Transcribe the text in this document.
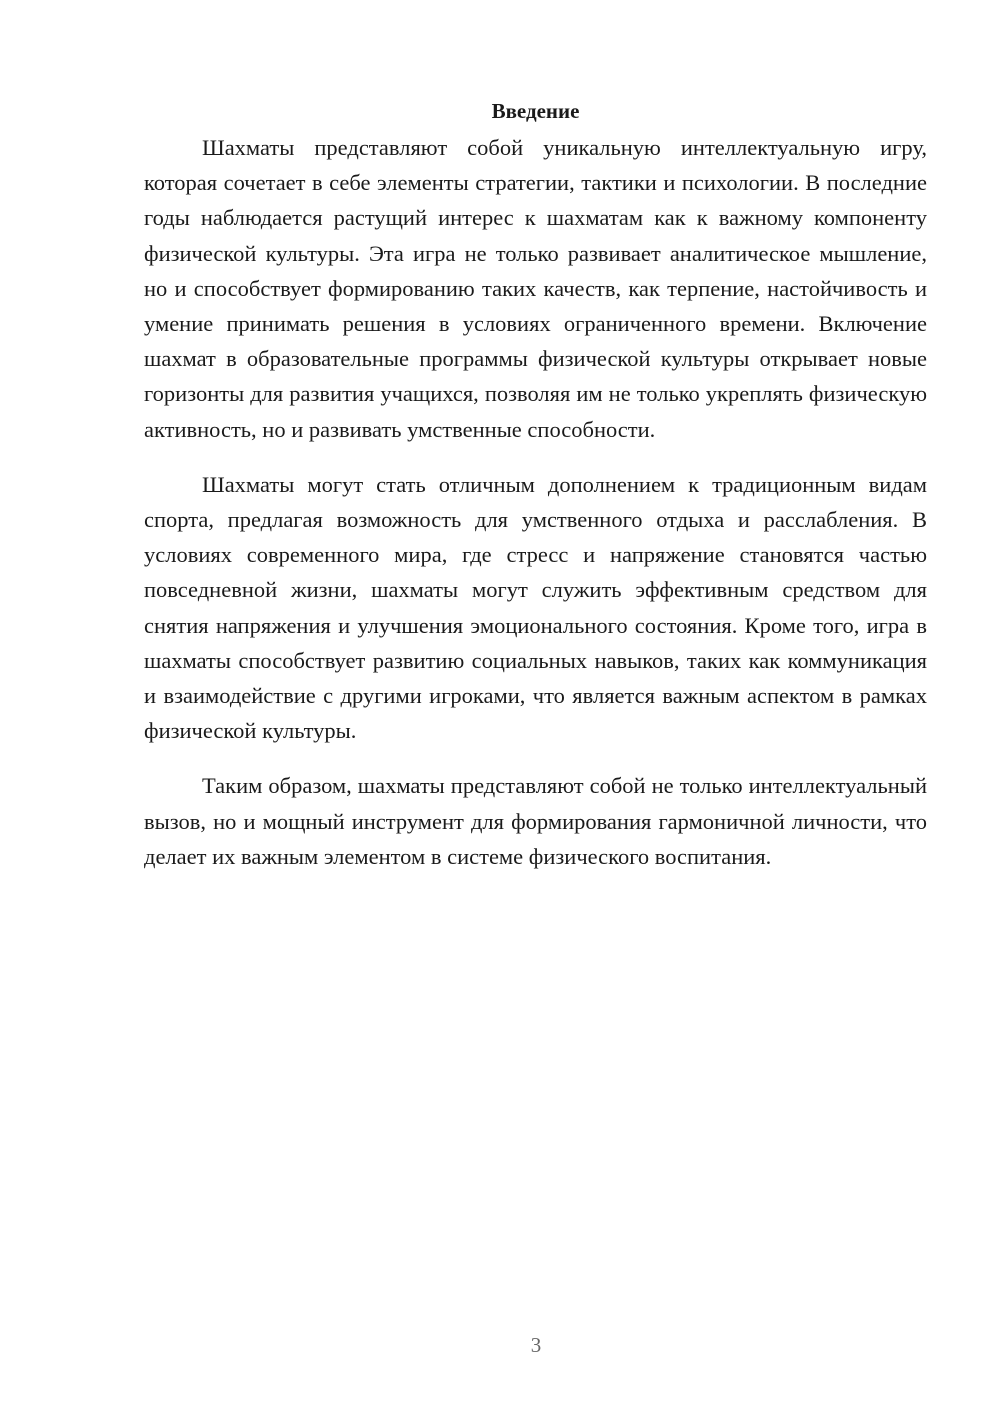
Введение

Шахматы представляют собой уникальную интеллектуальную игру, которая сочетает в себе элементы стратегии, тактики и психологии. В последние годы наблюдается растущий интерес к шахматам как к важному компоненту физической культуры. Эта игра не только развивает аналитическое мышление, но и способствует формированию таких качеств, как терпение, настойчивость и умение принимать решения в условиях ограниченного времени. Включение шахмат в образовательные программы физической культуры открывает новые горизонты для развития учащихся, позволяя им не только укреплять физическую активность, но и развивать умственные способности.

Шахматы могут стать отличным дополнением к традиционным видам спорта, предлагая возможность для умственного отдыха и расслабления. В условиях современного мира, где стресс и напряжение становятся частью повседневной жизни, шахматы могут служить эффективным средством для снятия напряжения и улучшения эмоционального состояния. Кроме того, игра в шахматы способствует развитию социальных навыков, таких как коммуникация и взаимодействие с другими игроками, что является важным аспектом в рамках физической культуры.

Таким образом, шахматы представляют собой не только интеллектуальный вызов, но и мощный инструмент для формирования гармоничной личности, что делает их важным элементом в системе физического воспитания.

3
